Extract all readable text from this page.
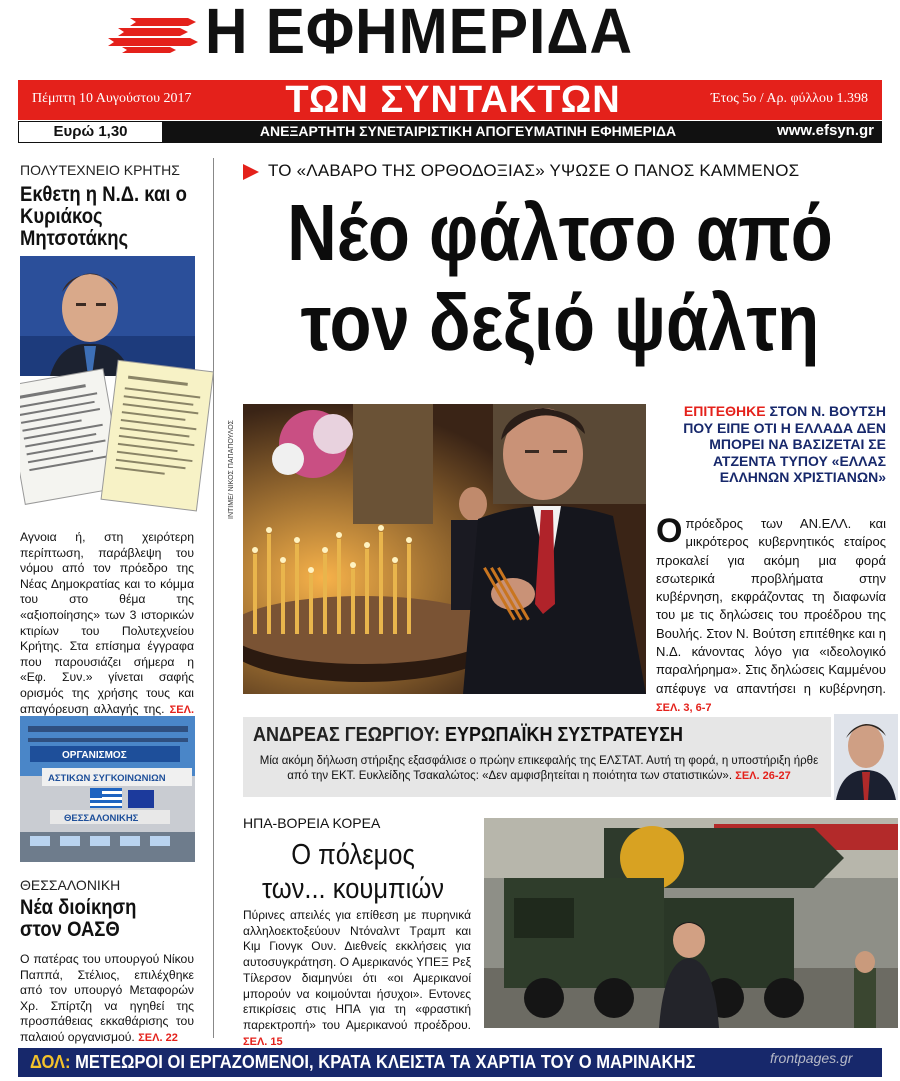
Η ΕΦΗΜΕΡΙΔΑ
Πέμπτη 10 Αυγούστου 2017	ΤΩΝ ΣΥΝΤΑΚΤΩΝ	Έτος 5ο / Αρ. φύλλου 1.398
Ευρώ 1,30	ΑΝΕΞΑΡΤΗΤΗ ΣΥΝΕΤΑΙΡΙΣΤΙΚΗ ΑΠΟΓΕΥΜΑΤΙΝΗ ΕΦΗΜΕΡΙΔΑ	www.efsyn.gr
ΠΟΛΥΤΕΧΝΕΙΟ ΚΡΗΤΗΣ
Εκθετη η Ν.Δ. και ο Κυριάκος Μητσοτάκης
Αγνοια ή, στη χειρότερη περίπτωση, παράβλεψη του νόμου από τον πρόεδρο της Νέας Δημοκρατίας και το κόμμα του στο θέμα της «αξιοποίησης» των 3 ιστορικών κτιρίων του Πολυτεχνείου Κρήτης. Στα επίσημα έγγραφα που παρουσιάζει σήμερα η «Εφ. Συν.» γίνεται σαφής ορισμός της χρήσης τους και απαγόρευση αλλαγής της. ΣΕΛ.
ΟΡΓΑΝΙΣΜΟΣ
ΑΣΤΙΚΩΝ ΣΥΓΚΟΙΝΩΝΙΩΝ
ΘΕΣΣΑΛΟΝΙΚΗΣ
ΘΕΣΣΑΛΟΝΙΚΗ
Νέα διοίκηση στον ΟΑΣΘ
Ο πατέρας του υπουργού Νίκου Παππά, Στέλιος, επιλέχθηκε από τον υπουργό Μεταφορών Χρ. Σπίρτζη να ηγηθεί της προσπάθειας εκκαθάρισης του παλαιού οργανισμού. ΣΕΛ. 22
ΤΟ «ΛΑΒΑΡΟ ΤΗΣ ΟΡΘΟΔΟΞΙΑΣ» ΥΨΩΣΕ Ο ΠΑΝΟΣ ΚΑΜΜΕΝΟΣ
Νέο φάλτσο από
τον δεξιό ψάλτη
INTIME/ ΝΙΚΟΣ ΠΑΠΑΠΟΥΛΟΣ
ΕΠΙΤΕΘΗΚΕ ΣΤΟΝ Ν. ΒΟΥΤΣΗ ΠΟΥ ΕΙΠΕ ΟΤΙ Η ΕΛΛΑΔΑ ΔΕΝ ΜΠΟΡΕΙ ΝΑ ΒΑΣΙΖΕΤΑΙ ΣΕ ΑΤΖΕΝΤΑ ΤΥΠΟΥ «ΕΛΛΑΣ ΕΛΛΗΝΩΝ ΧΡΙΣΤΙΑΝΩΝ»
Ο πρόεδρος των ΑΝ.ΕΛΛ. και μικρότερος κυβερνητικός εταίρος προκαλεί για ακόμη μια φορά εσωτερικά προβλήματα στην κυβέρνηση, εκφράζοντας τη διαφωνία του με τις δηλώσεις του προέδρου της Βουλής. Στον Ν. Βούτση επιτέθηκε και η Ν.Δ. κάνοντας λόγο για «ιδεολογικό παραλήρημα». Στις δηλώσεις Καμμένου απέφυγε να απαντήσει η κυβέρνηση. ΣΕΛ. 3, 6-7
ΑΝΔΡΕΑΣ ΓΕΩΡΓΙΟΥ: ΕΥΡΩΠΑΪΚΗ ΣΥΣΤΡΑΤΕΥΣΗ
Μία ακόμη δήλωση στήριξης εξασφάλισε ο πρώην επικεφαλής της ΕΛΣΤΑΤ. Αυτή τη φορά, η υποστήριξη ήρθε από την ΕΚΤ. Ευκλείδης Τσακαλώτος: «Δεν αμφισβητείται η ποιότητα των στατιστικών». ΣΕΛ. 26-27
ΗΠΑ-ΒΟΡΕΙΑ ΚΟΡΕΑ
Ο πόλεμος των... κουμπιών
Πύρινες απειλές για επίθεση με πυρηνικά αλληλοεκτοξεύουν Ντόναλντ Τραμπ και Κιμ Γιονγκ Ουν. Διεθνείς εκκλήσεις για αυτοσυγκράτηση. Ο Αμερικανός ΥΠΕΞ Ρεξ Τίλερσον διαμηνύει ότι «οι Αμερικανοί μπορούν να κοιμούνται ήσυχοι». Εντονες επικρίσεις στις ΗΠΑ για τη «φραστική παρεκτροπή» του Αμερικανού προέδρου. ΣΕΛ. 15
ΔΟΛ: ΜΕΤΕΩΡΟΙ ΟΙ ΕΡΓΑΖΟΜΕΝΟΙ, ΚΡΑΤΑ ΚΛΕΙΣΤΑ ΤΑ ΧΑΡΤΙΑ ΤΟΥ Ο ΜΑΡΙΝΑΚΗΣ	frontpages.gr
